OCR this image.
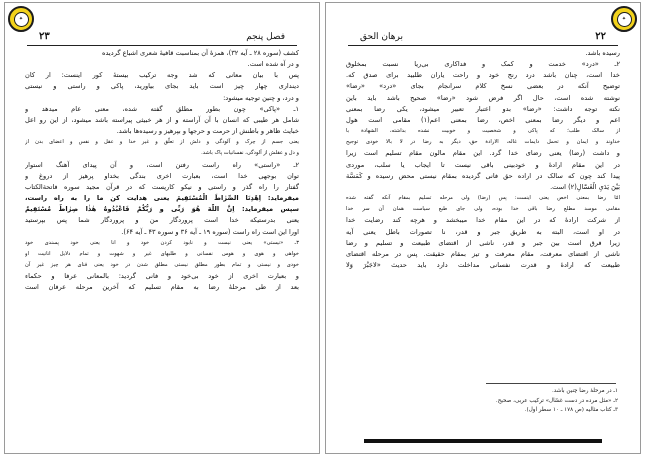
✦
۲۳	فصل پنجم
کشف (سوره ۲۸ ـ آیه ۳۲)، همزهٔ آن بمناسبت قافیهٔ شعری اشباع گردیده
و در آه شده است.
پس با بیان معانی که شد وجه ترکیب بیستهٔ کور اینست: ار کان
دینداری چهار چیز است باید بجای بیاورید، پاکی و راستی و نیستی
و درد، و چنین توجیه میشود:
۱ـ «پاکی» چون بطور مطلق گفته شده، معنی عام میدهد و
شامل هر طیبی که انسان با آن آراسته و از هر خبیثی پیراسته باشد میشود، از این رو اعل
خبایث ظاهر و باطنش از حرمت و حرجها و بپرهیز و رسیده‌ها باشد.
یعنی جسم از چرک و آلودگی و دلش از تعلّق و غیر خدا و عقل و نفس و اعضای بدن از
و دل و عقلش از آلودگی، نفسانیات پاک باشد.
۲ـ «راستی» راه راست رفتن است، و آن پیدای آهنگ استوار
توان بوجهی خدا است، بعبارت اخری بندگی بخداو پرهیز از دروغ و
گفتار را راه گذر و راستی و نیکو کاریست که در قرآن مجید سوره فاتحة‌الکتاب
میفرماید: اِهْدِنَا الصِّرٰاطَ الْمُسْتَقِیمَ یعنی هدایت کن ما را به راه راست،
سپس میفرماید: اِنَّ اللّٰهَ هُوَ رَبِّی و رَبُّکُمْ فَاعْبُدُوهُ هٰذٰا صِرٰاطٌ مُسْتَقِیمٌ
یعنی بدرستیکه خدا است پروردگار من و پروردگار شما پس بپرستید
اورا این است راه راست (سوره ۱۹ ـ آیه ۳۶ و سوره ۴۳ ـ آیه ۶۴).
۳ـ «نیستی» یعنی نیست و نابود کردن خود و انا یعنی خود پسندی خود
خواهی و هوی و هوس نفسانی و طلبهای غیر و شهوت و تمام دلایل انانیت او
خودی و نیستی و تمام بطور مطلق نیستی مطلق شدن در خود یعنی فنای هر چیز غیر آن
و بعبارت اخری از خود بی‌خود و فانی گردید: بالمعانی عرفا و حکماء
بعد از طی مرحلهٔ رضا به مقام تسلیم که آخرین مرحله عرفان است
✦
برهان الحق	۲۲
رسیده باشد.
۲ـ «درد» خدمت و کمک و فداکاری بی‌ریا نسبت بمخلوق
خدا است، چنان باشد درد رنج خود و راحت یاران طلبید برای صدق که.
توضیح آنکه در بعضی نسخ کلام سرانجام بجای «درد» «رضا»
نوشته شده است، حال اگر فرض شود «رضا» صحیح باشد باید باین
نکته توجه داشت: «رضا» بدو اعتبار تعبیر میشود، یکی رضا بمعنی
اعم و دیگر رضا بمعنی اخص، رضا بمعنی اعم(۱) مقامی است هول
از سالک طلب؛ که پاکی و شخصیت و خوبیت نشده بداشته، الشهادة با
خداوند و ایمان و تحمل دایمات غاله، الارادة حق، دیگر به رضا در لا بالا خودی توجیح
و داشت (رضا) یعنی رضای خدا گرد. این مقام مالون مقام تسلیم است زیرا
در این مقام ارادهٔ و خودبینی باقی نیست تا ایجاب یا سلب، موردی
پیدا کند چون که سالک در اراده حق فانی گردیده بمقام نیستی محض رسیده و کَمَسَّة
بَیْنَ یَدَیِ الْغَسّٰالِ(۲) است.
امّا رضا بمعنی اخص یعنی اینست: پس (رضا) ولی مرحله تسلیم بمقام آنکه گفته شده
مقامی موسد مطلع رضا باقی خدا بوده، ولی جای طبع سیاست همان آن سر خدا
از شرکت ارادهٔ که در این مقام خدا میبخشد و هرچه کند رضایت خدا
در او است، البته به طریق جبر و قدر، نا تصورات باطل یعنی آیه
زیرا فرق است بین جبر و قدر، ناشی از اقتضای طبیعت و تسلیم و رضا
ناشی از اقتضای معرفت، مقام معرفت و تیز بمقام حقیقت. پس در مرحله اقتضای
طبیعت که ارادهٔ و قدرت نفسانی مداخلت دارد باید حدیث «لاجَبْرَ وَلا
۱ـ در مرحلهٔ رضا چنین باشد.
۲ـ «مثل مرده در دست غسّال» ترکیب عربی، صحیح.
۳ـ کتاب مثالیه (ص ۱۷۸ ـ ۱۰ سطر اول).
